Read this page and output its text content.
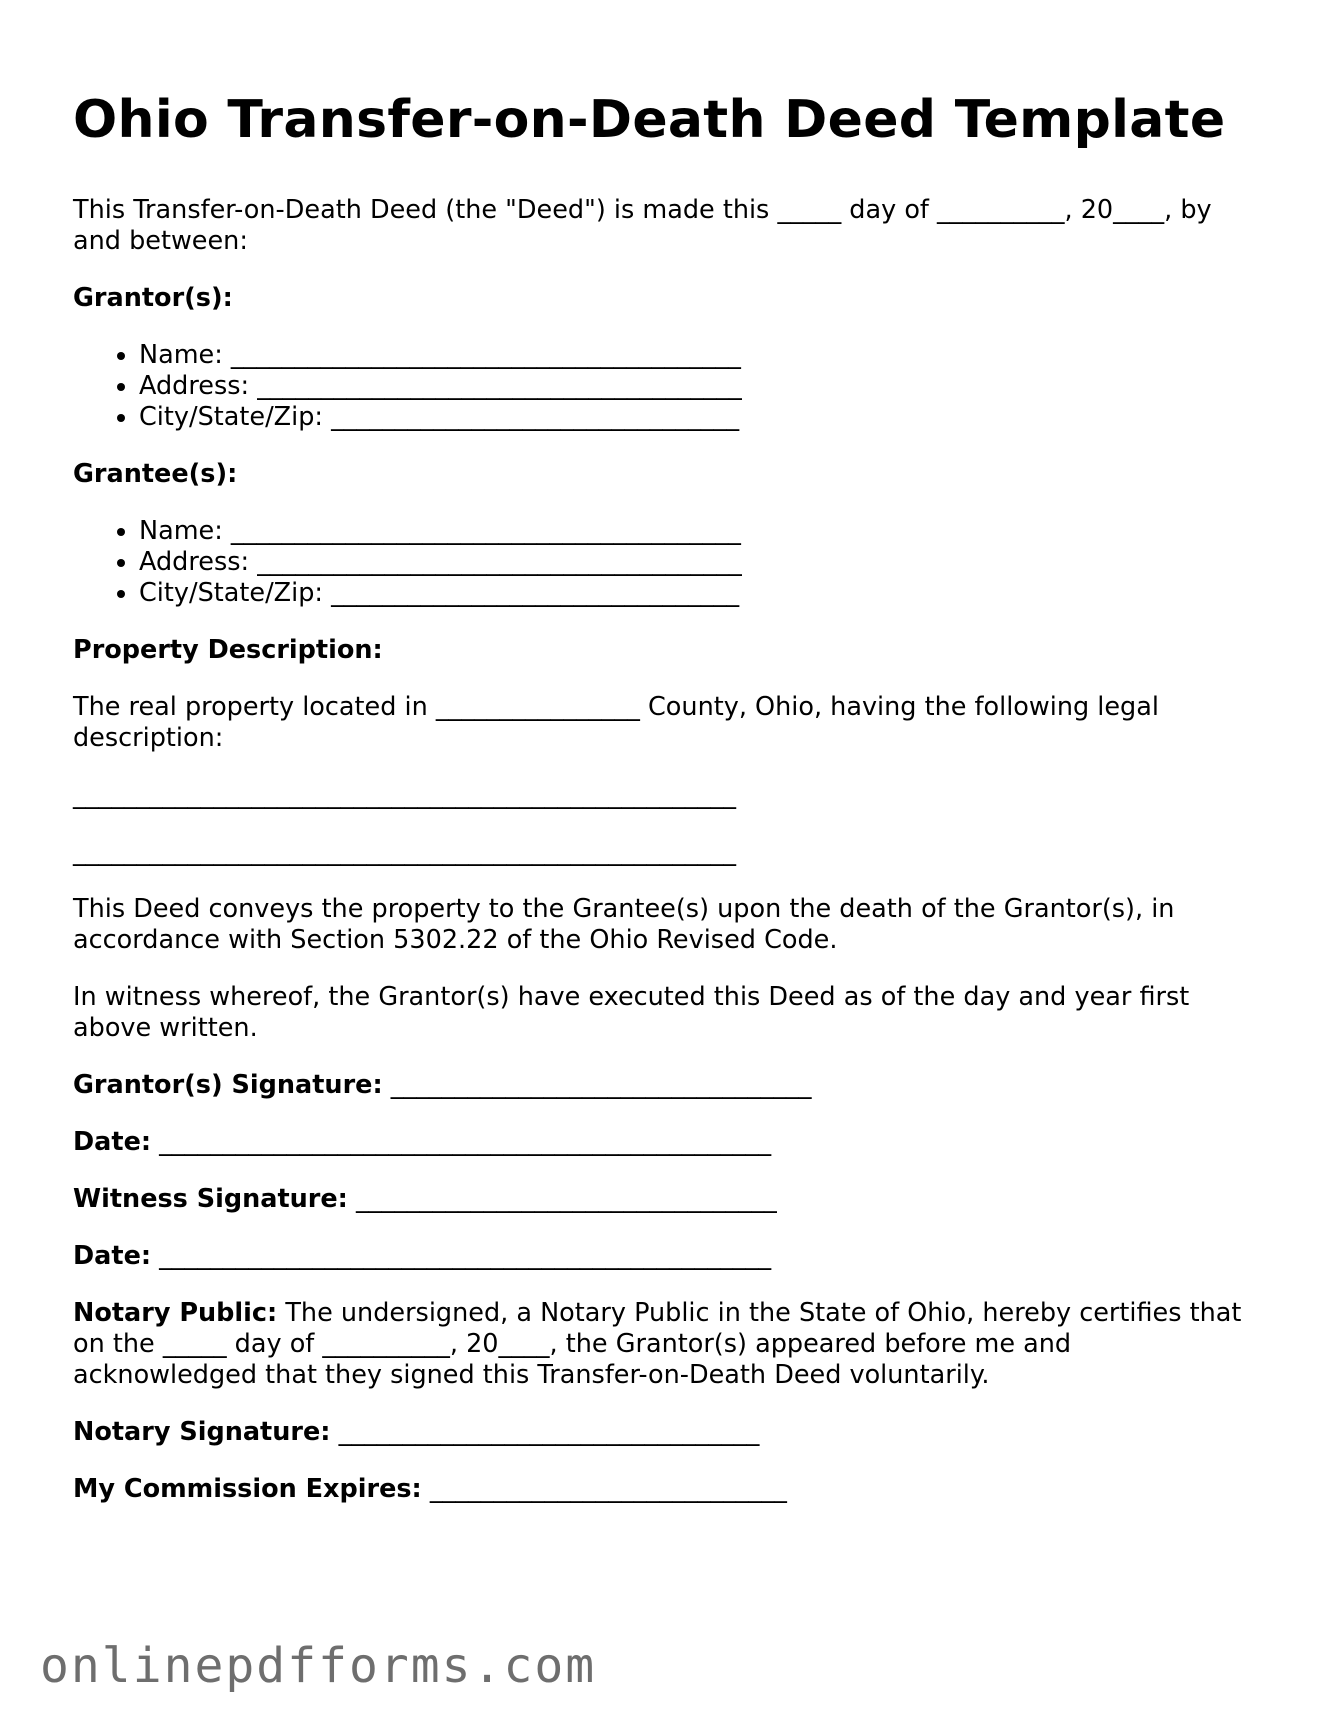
Ohio Transfer-on-Death Deed Template

This Transfer-on-Death Deed (the "Deed") is made this _____ day of __________, 20____, by and between:

Grantor(s):
• Name: ________________________________________
• Address: ______________________________________
• City/State/Zip: ________________________________
Grantee(s):
• Name: ________________________________________
• Address: ______________________________________
• City/State/Zip: ________________________________
Property Description:

The real property located in ________________ County, Ohio, having the following legal description:

____________________________________________________
____________________________________________________

This Deed conveys the property to the Grantee(s) upon the death of the Grantor(s), in accordance with Section 5302.22 of the Ohio Revised Code.

In witness whereof, the Grantor(s) have executed this Deed as of the day and year first above written.

Grantor(s) Signature: _________________________________
Date: ________________________________________________
Witness Signature: _________________________________
Date: ________________________________________________

Notary Public: The undersigned, a Notary Public in the State of Ohio, hereby certifies that on the _____ day of __________, 20____, the Grantor(s) appeared before me and acknowledged that they signed this Transfer-on-Death Deed voluntarily.

Notary Signature: _________________________________
My Commission Expires: ____________________________
onlinepdfforms.com
